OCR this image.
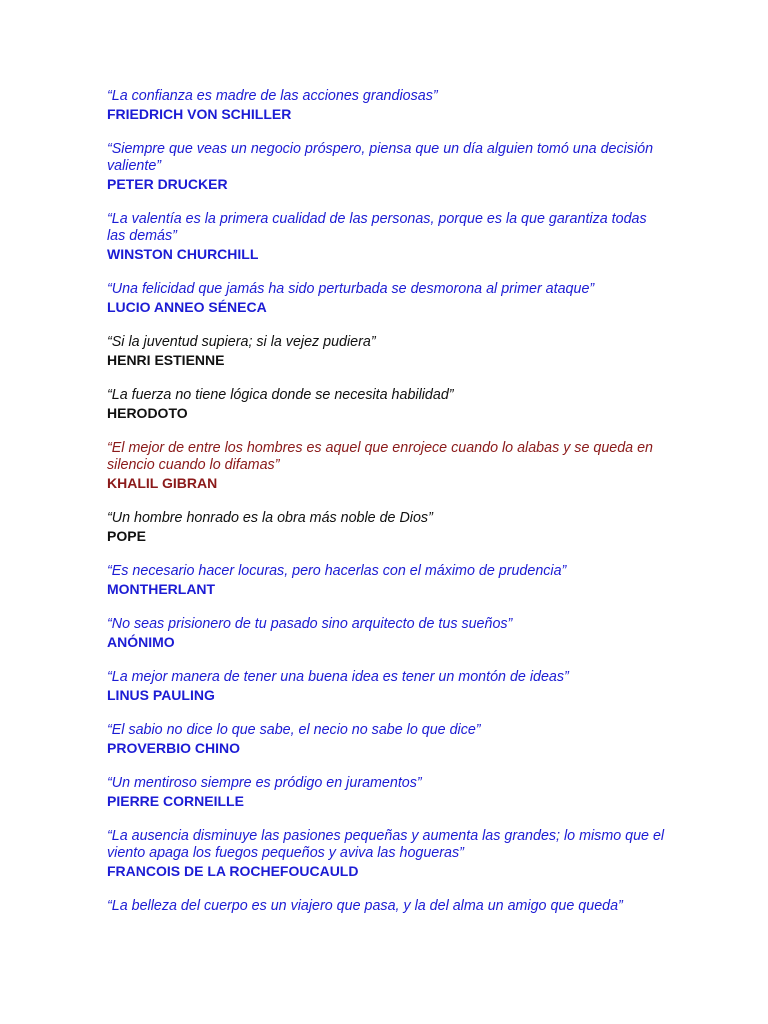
“La confianza es madre de las acciones grandiosas”

FRIEDRICH VON SCHILLER

“Siempre que veas un negocio próspero, piensa que un día alguien tomó una decisión valiente”

PETER DRUCKER

“La valentía es la primera cualidad de las personas, porque es la que garantiza todas las demás”

WINSTON CHURCHILL

“Una felicidad que jamás ha sido perturbada se desmorona al primer ataque”

LUCIO ANNEO SÉNECA

“Si la juventud supiera; si la vejez pudiera”

HENRI ESTIENNE

“La fuerza no tiene lógica donde se necesita habilidad”

HERODOTO

“El mejor de entre los hombres es aquel que enrojece cuando lo alabas y se queda en silencio cuando lo difamas”

KHALIL GIBRAN

“Un hombre honrado es la obra más noble de Dios”

POPE

“Es necesario hacer locuras, pero hacerlas con el máximo de prudencia”

MONTHERLANT

“No seas prisionero de tu pasado sino arquitecto de tus sueños”

ANÓNIMO

“La mejor manera de tener una buena idea es tener un montón de ideas”

LINUS PAULING

“El sabio no dice lo que sabe, el necio no sabe lo que dice”

PROVERBIO CHINO

“Un mentiroso siempre es pródigo en juramentos”

PIERRE CORNEILLE

“La ausencia disminuye las pasiones pequeñas y aumenta las grandes; lo mismo que el viento apaga los fuegos pequeños y aviva las hogueras”

FRANCOIS DE LA ROCHEFOUCAULD

“La belleza del cuerpo es un viajero que pasa, y la del alma un amigo que queda”
